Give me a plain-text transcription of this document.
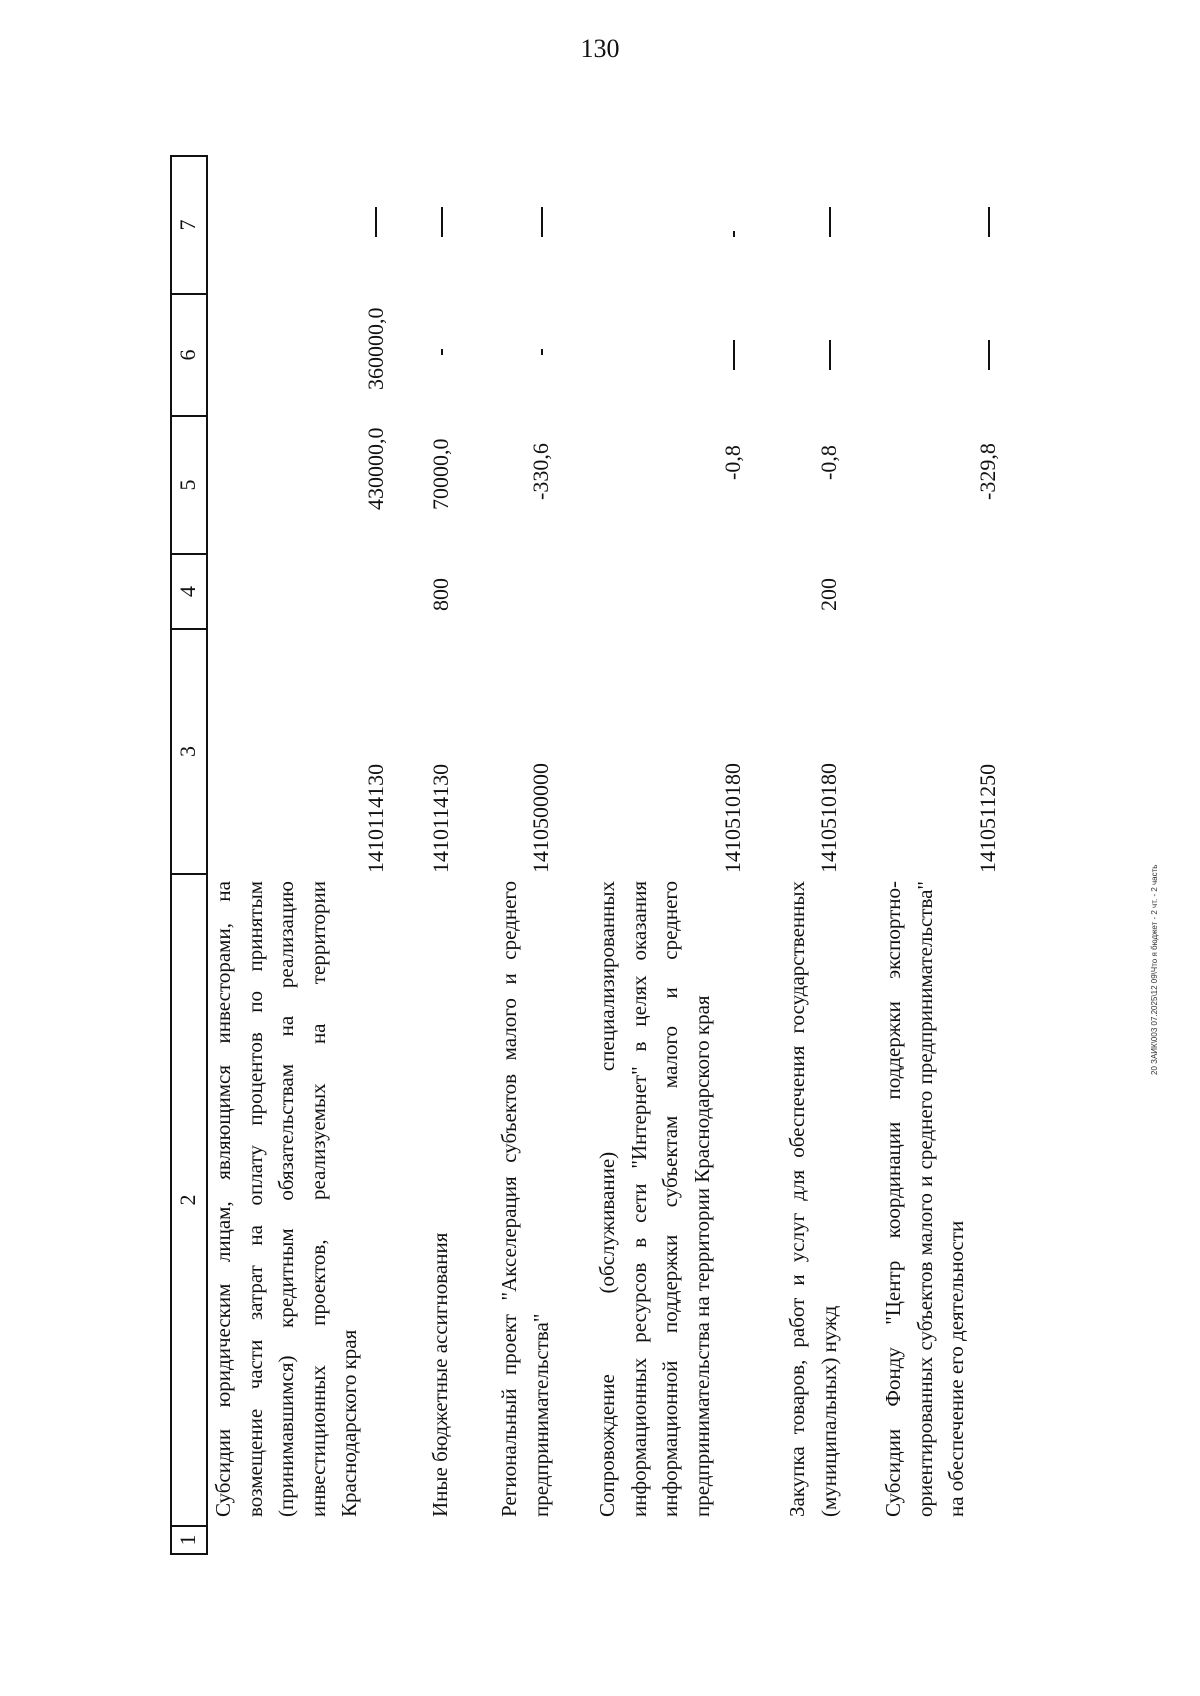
130
1
2
3
4
5
6
7
Субсидии юридическим лицам, являющимся инвесторами, на возмещение части затрат на оплату процентов по принятым (принимавшимся) кредитным обязательствам на реализацию инвестиционных проектов, реализуемых на территории Краснодарского края
1410114130
430000,0
360000,0
Иные бюджетные ассигнования
1410114130
800
70000,0
Региональный проект "Акселерация субъектов малого и среднего предпринимательства"
1410500000
-330,6
Сопровождение (обслуживание) специализированных информационных ресурсов в сети "Интернет" в целях оказания информационной поддержки субъектам малого и среднего предпринимательства на территории Краснодарского края
1410510180
-0,8
Закупка товаров, работ и услуг для обеспечения государственных (муниципальных) нужд
1410510180
200
-0,8
Субсидии Фонду "Центр координации поддержки экспортно-ориентированных субъектов малого и среднего предпринимательства" на обеспечение его деятельности
1410511250
-329,8
20 ЗАИК\003 07.2025\12 09\Что я бюджет - 2 чт. - 2 часть
